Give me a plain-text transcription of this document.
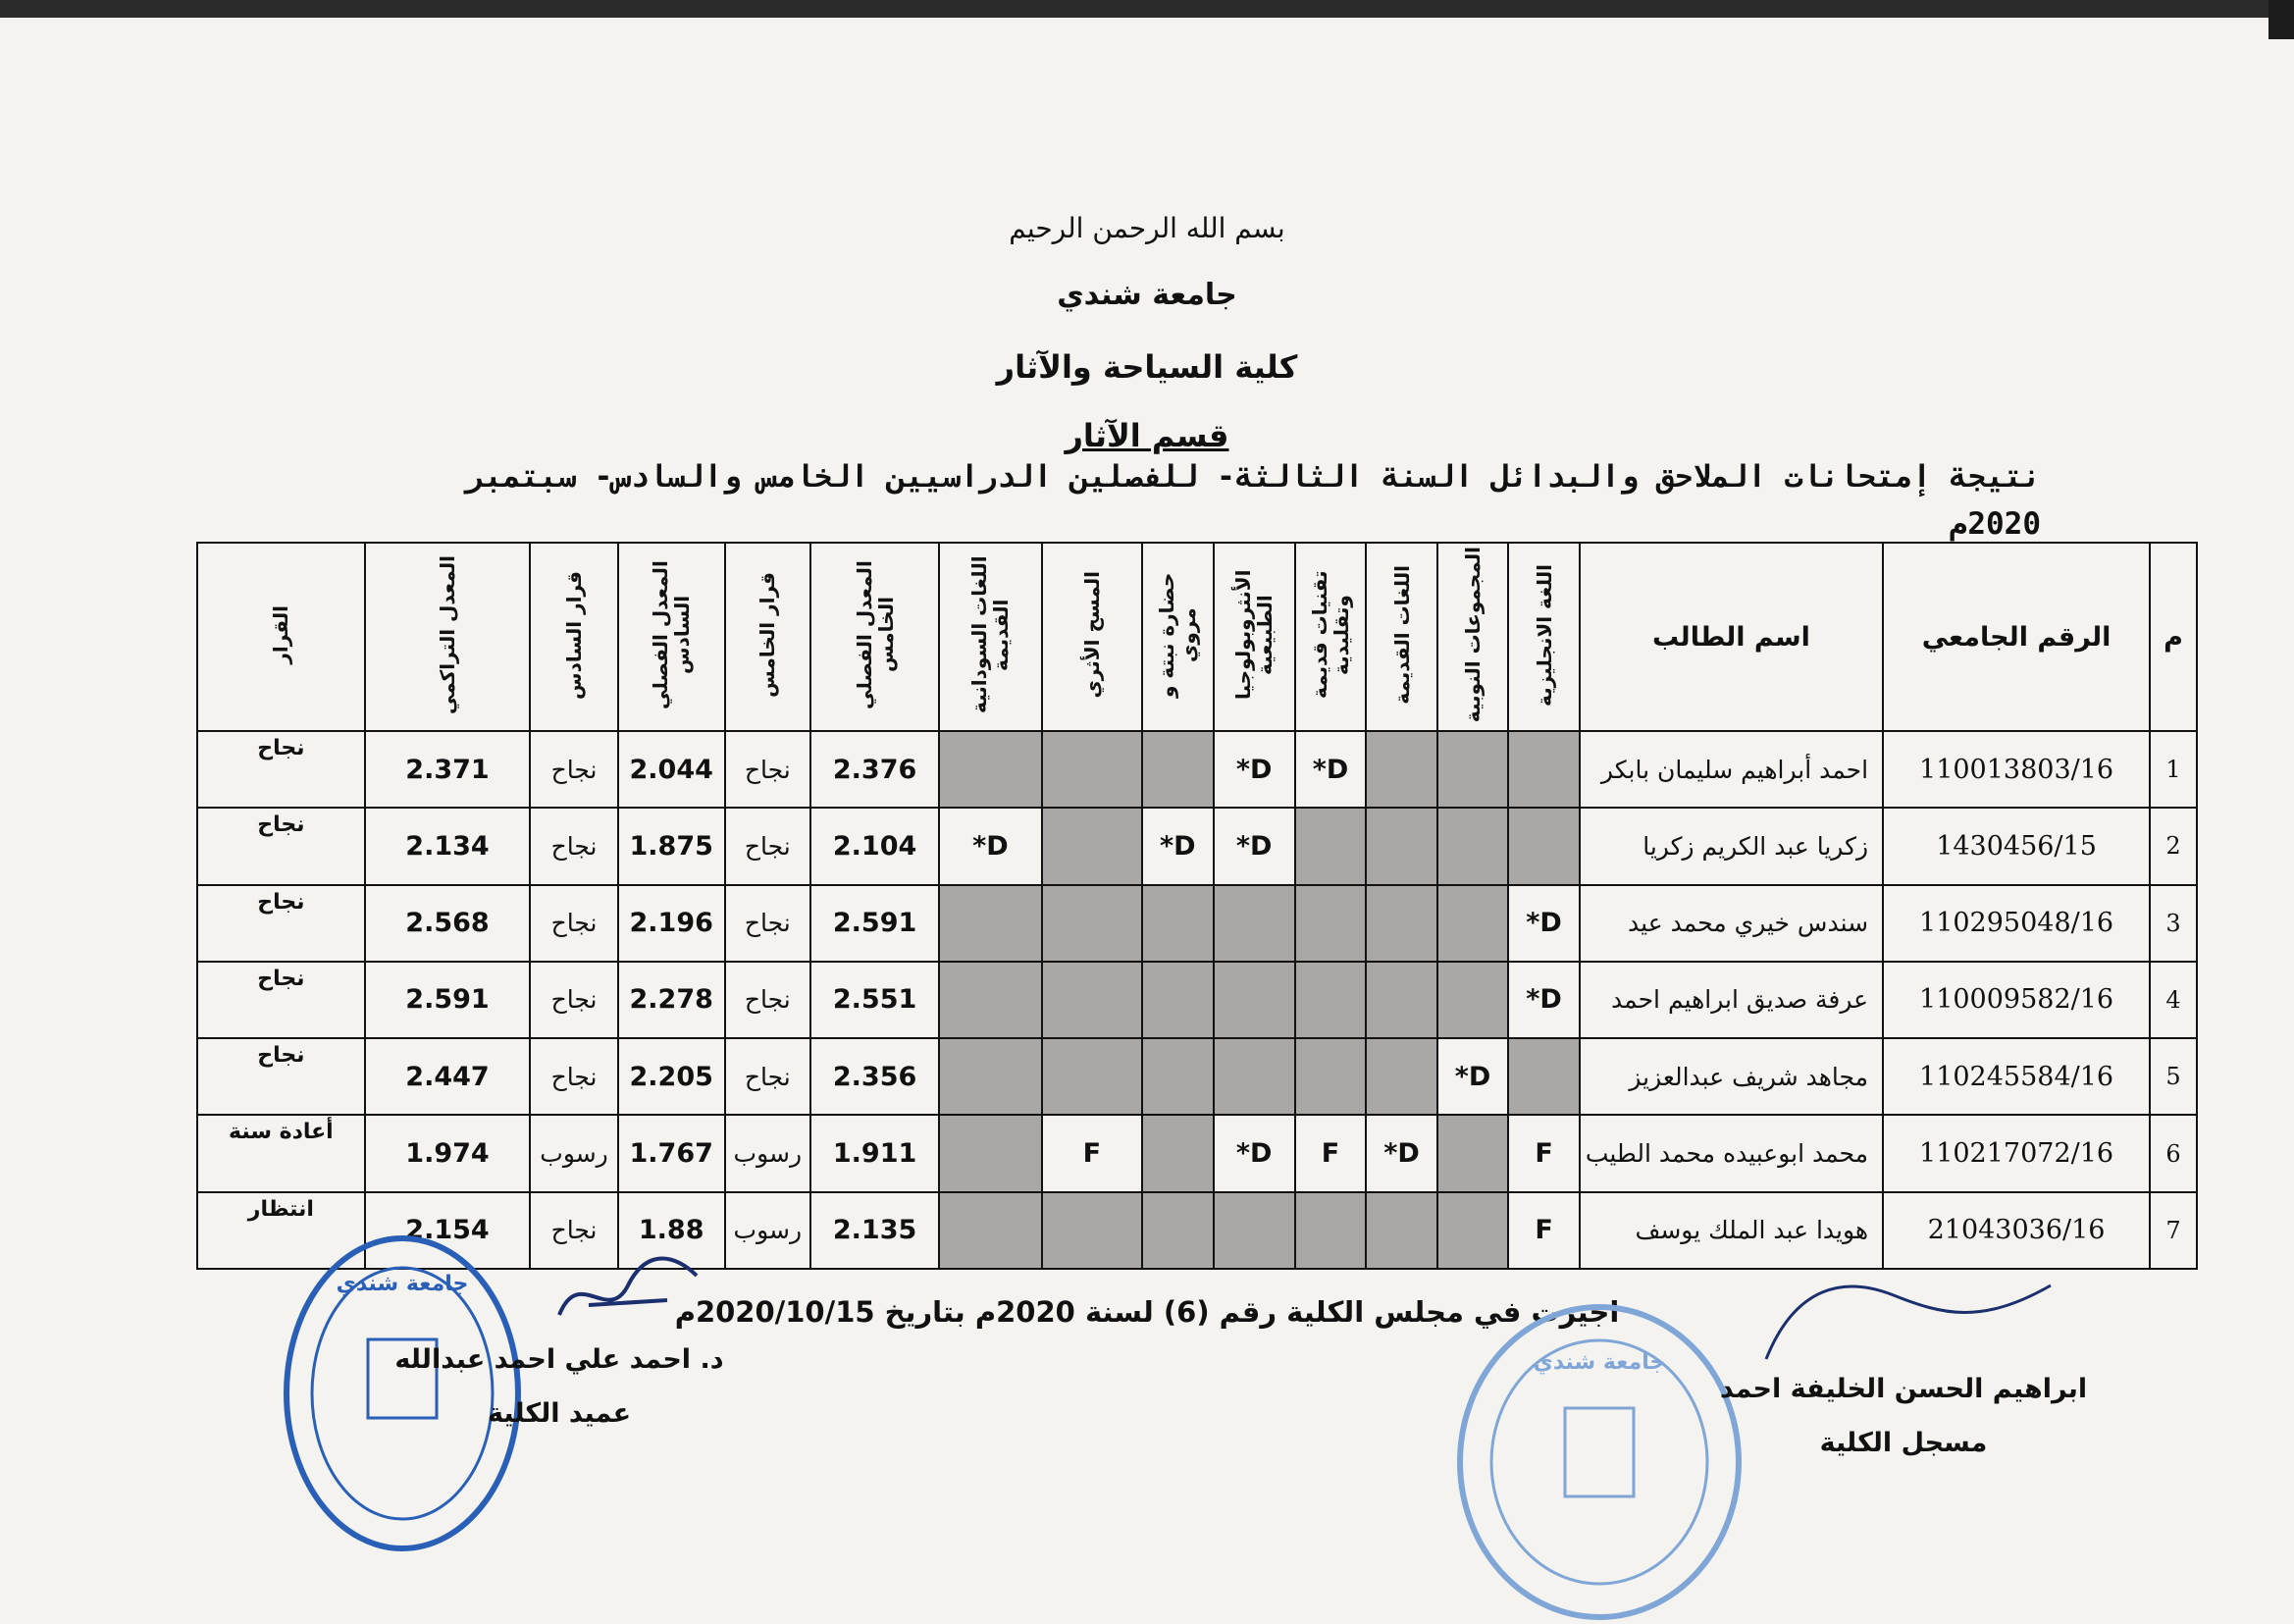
بسم الله الرحمن الرحيم
جامعة شندي
كلية السياحة والآثار
قسم الآثار
نتيجة إمتحانات الملاحق والبدائل السنة الثالثة- للفصلين الدراسيين الخامس والسادس- سبتمبر 2020م
م	الرقم الجامعي	اسم الطالب	اللغة الانجليزية	المجموعات النوبية	اللغات القديمة	تقنيات قديمة وتقليدية	الأنثروبولوجيا الطبيعية	حضارة نبتة و مروي	المسح الأثري	اللغات السودانية القديمة	المعدل الفصلي الخامس	قرار الخامس	المعدل الفصلي السادس	قرار السادس	المعدل التراكمي	القرار
1	110013803/16	احمد أبراهيم سليمان بابكر				D*	D*				2.376	نجاح	2.044	نجاح	2.371	نجاح
2	1430456/15	زكريا عبد الكريم زكريا					D*	D*		D*	2.104	نجاح	1.875	نجاح	2.134	نجاح
3	110295048/16	سندس خيري محمد عيد	D*								2.591	نجاح	2.196	نجاح	2.568	نجاح
4	110009582/16	عرفة صديق ابراهيم احمد	D*								2.551	نجاح	2.278	نجاح	2.591	نجاح
5	110245584/16	مجاهد شريف عبدالعزيز		D*							2.356	نجاح	2.205	نجاح	2.447	نجاح
6	110217072/16	محمد ابوعبيده محمد الطيب	F		D*	F	D*		F		1.911	رسوب	1.767	رسوب	1.974	أعادة سنة
7	21043036/16	هويدا عبد الملك يوسف	F								2.135	رسوب	1.88	نجاح	2.154	انتظار
اجيزت في مجلس الكلية رقم (6) لسنة 2020م بتاريخ 2020/10/15م
جامعة شندي
جامعة شندي
د. احمد علي احمد عبدالله
عميد الكلية
ابراهيم الحسن الخليفة احمد
مسجل الكلية
